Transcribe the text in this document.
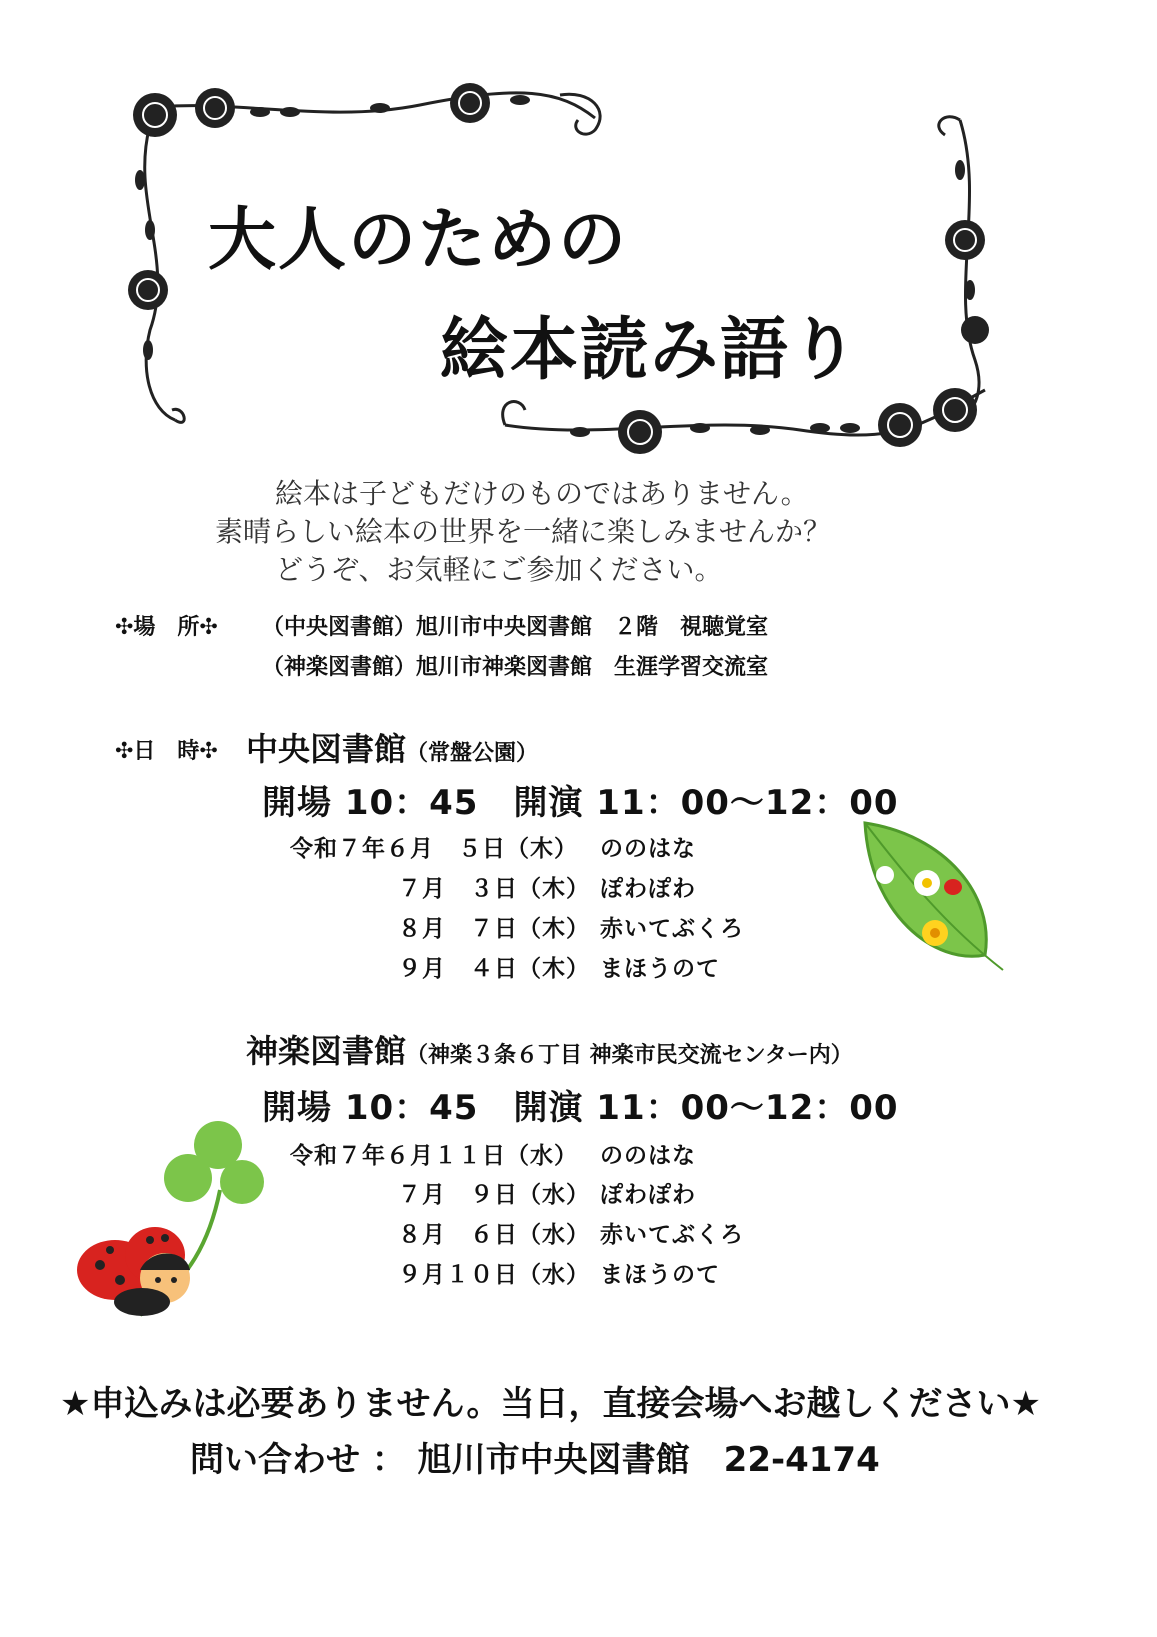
大人のための
絵本読み語り
絵本は子どもだけのものではありません。
素晴らしい絵本の世界を一緒に楽しみませんか？
どうぞ、お気軽にご参加ください。
✣場　所✣ （中央図書館）旭川市中央図書館　２階　視聴覚室
（神楽図書館）旭川市神楽図書館　生涯学習交流室
✣日　時✣ 中央図書館（常盤公園）
開場 10：45　開演 11：00～12：00
令和７年６月　５日（木） ののはな
７月　３日（木） ぽわぽわ
８月　７日（木） 赤いてぶくろ
９月　４日（木） まほうのて
神楽図書館（神楽３条６丁目 神楽市民交流センター内）
開場 10：45　開演 11：00～12：00
令和７年６月１１日（水） ののはな
７月　９日（水） ぽわぽわ
８月　６日（水） 赤いてぶくろ
９月１０日（水） まほうのて
★申込みは必要ありません。当日，直接会場へお越しください★
問い合わせ ： 旭川市中央図書館　22-4174
